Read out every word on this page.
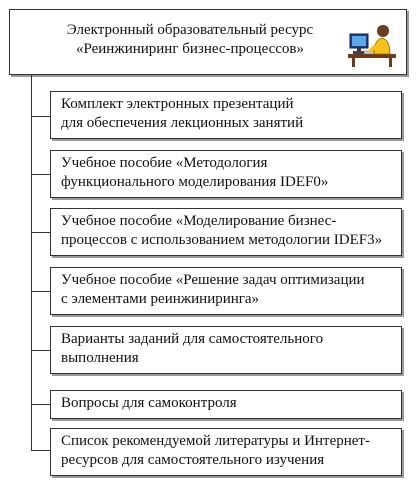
Электронный образовательный ресурс
«Реинжиниринг бизнес-процессов»
Комплект электронных презентаций
для обеспечения лекционных занятий
Учебное пособие «Методология
функционального моделирования IDEF0»
Учебное пособие «Моделирование бизнес-
процессов с использованием методологии IDEF3»
Учебное пособие «Решение задач оптимизации
с элементами реинжиниринга»
Варианты заданий для самостоятельного
выполнения
Вопросы для самоконтроля
Список рекомендуемой литературы и Интернет-
ресурсов для самостоятельного изучения
